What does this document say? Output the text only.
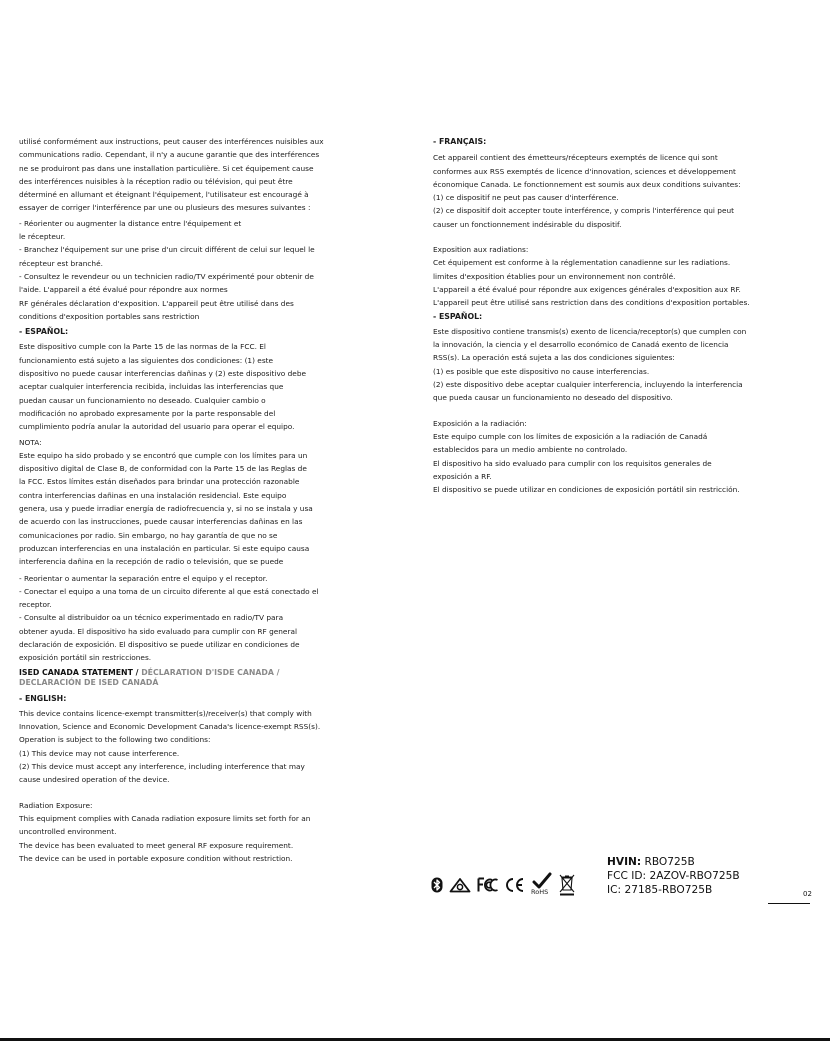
utilisé conformément aux instructions, peut causer des interférences nuisibles aux
communications radio. Cependant, il n'y a aucune garantie que des interférences
ne se produiront pas dans une installation particulière. Si cet équipement cause
des interférences nuisibles à la réception radio ou télévision, qui peut être
déterminé en allumant et éteignant l'équipement, l'utilisateur est encouragé à
essayer de corriger l'interférence par une ou plusieurs des mesures suivantes :
- Réorienter ou augmenter la distance entre l'équipement et
le récepteur.
- Branchez l'équipement sur une prise d'un circuit différent de celui sur lequel le
récepteur est branché.
- Consultez le revendeur ou un technicien radio/TV expérimenté pour obtenir de
l'aide. L'appareil a été évalué pour répondre aux normes
RF générales déclaration d'exposition. L'appareil peut être utilisé dans des
conditions d'exposition portables sans restriction
- ESPAÑOL:
Este dispositivo cumple con la Parte 15 de las normas de la FCC. El
funcionamiento está sujeto a las siguientes dos condiciones: (1) este
dispositivo no puede causar interferencias dañinas y (2) este dispositivo debe
aceptar cualquier interferencia recibida, incluidas las interferencias que
puedan causar un funcionamiento no deseado. Cualquier cambio o
modificación no aprobado expresamente por la parte responsable del
cumplimiento podría anular la autoridad del usuario para operar el equipo.
NOTA:
Este equipo ha sido probado y se encontró que cumple con los límites para un
dispositivo digital de Clase B, de conformidad con la Parte 15 de las Reglas de
la FCC. Estos límites están diseñados para brindar una protección razonable
contra interferencias dañinas en una instalación residencial. Este equipo
genera, usa y puede irradiar energía de radiofrecuencia y, si no se instala y usa
de acuerdo con las instrucciones, puede causar interferencias dañinas en las
comunicaciones por radio. Sin embargo, no hay garantía de que no se
produzcan interferencias en una instalación en particular. Si este equipo causa
interferencia dañina en la recepción de radio o televisión, que se puede
- Reorientar o aumentar la separación entre el equipo y el receptor.
- Conectar el equipo a una toma de un circuito diferente al que está conectado el
receptor.
- Consulte al distribuidor oa un técnico experimentado en radio/TV para
obtener ayuda. El dispositivo ha sido evaluado para cumplir con RF general
declaración de exposición. El dispositivo se puede utilizar en condiciones de
exposición portátil sin restricciones.
ISED CANADA STATEMENT / DÉCLARATION D'ISDE CANADA /
DECLARACIÓN DE ISED CANADÁ
- ENGLISH:
This device contains licence-exempt transmitter(s)/receiver(s) that comply with
Innovation, Science and Economic Development Canada's licence-exempt RSS(s).
Operation is subject to the following two conditions:
(1) This device may not cause interference.
(2) This device must accept any interference, including interference that may
cause undesired operation of the device.
Radiation Exposure:
This equipment complies with Canada radiation exposure limits set forth for an
uncontrolled environment.
The device has been evaluated to meet general RF exposure requirement.
The device can be used in portable exposure condition without restriction.
- FRANÇAIS:
Cet appareil contient des émetteurs/récepteurs exemptés de licence qui sont
conformes aux RSS exemptés de licence d'innovation, sciences et développement
économique Canada. Le fonctionnement est soumis aux deux conditions suivantes:
(1) ce dispositif ne peut pas causer d'interférence.
(2) ce dispositif doit accepter toute interférence, y compris l'interférence qui peut
causer un fonctionnement indésirable du dispositif.
Exposition aux radiations:
Cet équipement est conforme à la réglementation canadienne sur les radiations.
limites d'exposition établies pour un environnement non contrôlé.
L'appareil a été évalué pour répondre aux exigences générales d'exposition aux RF.
L'appareil peut être utilisé sans restriction dans des conditions d'exposition portables.
- ESPAÑOL:
Este dispositivo contiene transmis(s) exento de licencia/receptor(s) que cumplen con
la innovación, la ciencia y el desarrollo económico de Canadá exento de licencia
RSS(s). La operación está sujeta a las dos condiciones siguientes:
(1) es posible que este dispositivo no cause interferencias.
(2) este dispositivo debe aceptar cualquier interferencia, incluyendo la interferencia
que pueda causar un funcionamiento no deseado del dispositivo.
Exposición a la radiación:
Este equipo cumple con los límites de exposición a la radiación de Canadá
establecidos para un medio ambiente no controlado.
El dispositivo ha sido evaluado para cumplir con los requisitos generales de
exposición a RF.
El dispositivo se puede utilizar en condiciones de exposición portátil sin restricción.
RoHS
HVIN: RBO725B
FCC ID: 2AZOV-RBO725B
IC: 27185-RBO725B	02
